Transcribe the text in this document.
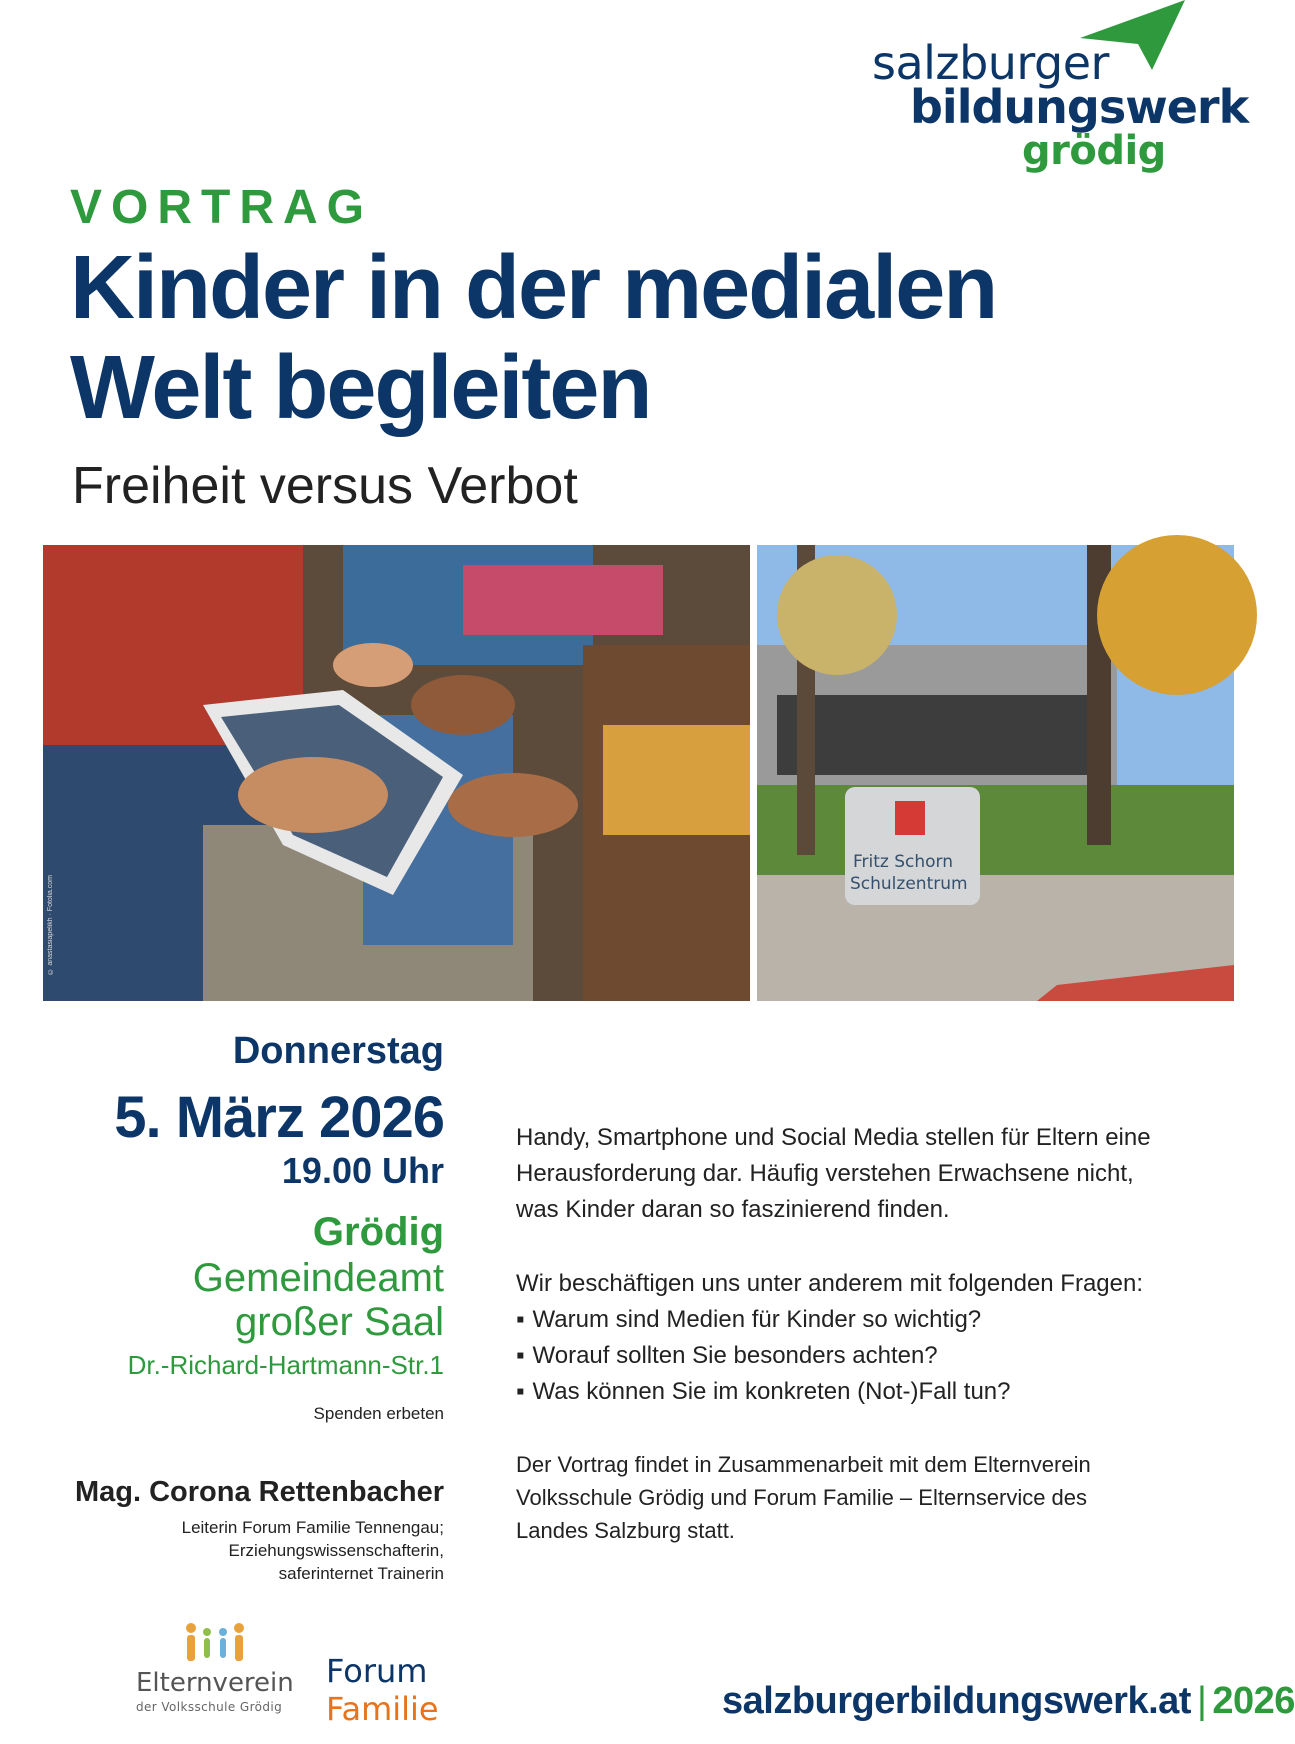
salzburger
bildungswerk
grödig
VORTRAG
Kinder in der medialen Welt begleiten
Freiheit versus Verbot
© anastasiapelikh · Fotolia.com
Fritz Schorn
Schulzentrum
Donnerstag
5. März 2026
19.00 Uhr
Grödig
Gemeindeamt
großer Saal
Dr.-Richard-Hartmann-Str.1
Spenden erbeten
Mag. Corona Rettenbacher
Leiterin Forum Familie Tennengau;
Erziehungswissenschafterin,
saferinternet Trainerin
Handy, Smartphone und Social Media stellen für Eltern eine
Herausforderung dar. Häufig verstehen Erwachsene nicht,
was Kinder daran so faszinierend finden.
Wir beschäftigen uns unter anderem mit folgenden Fragen:
▪ Warum sind Medien für Kinder so wichtig?
▪ Worauf sollten Sie besonders achten?
▪ Was können Sie im konkreten (Not-)Fall tun?
Der Vortrag findet in Zusammenarbeit mit dem Elternverein
Volksschule Grödig und Forum Familie – Elternservice des
Landes Salzburg statt.
Elternverein
der Volksschule Grödig
Forum
Familie	salzburgerbildungswerk.at | 2026
